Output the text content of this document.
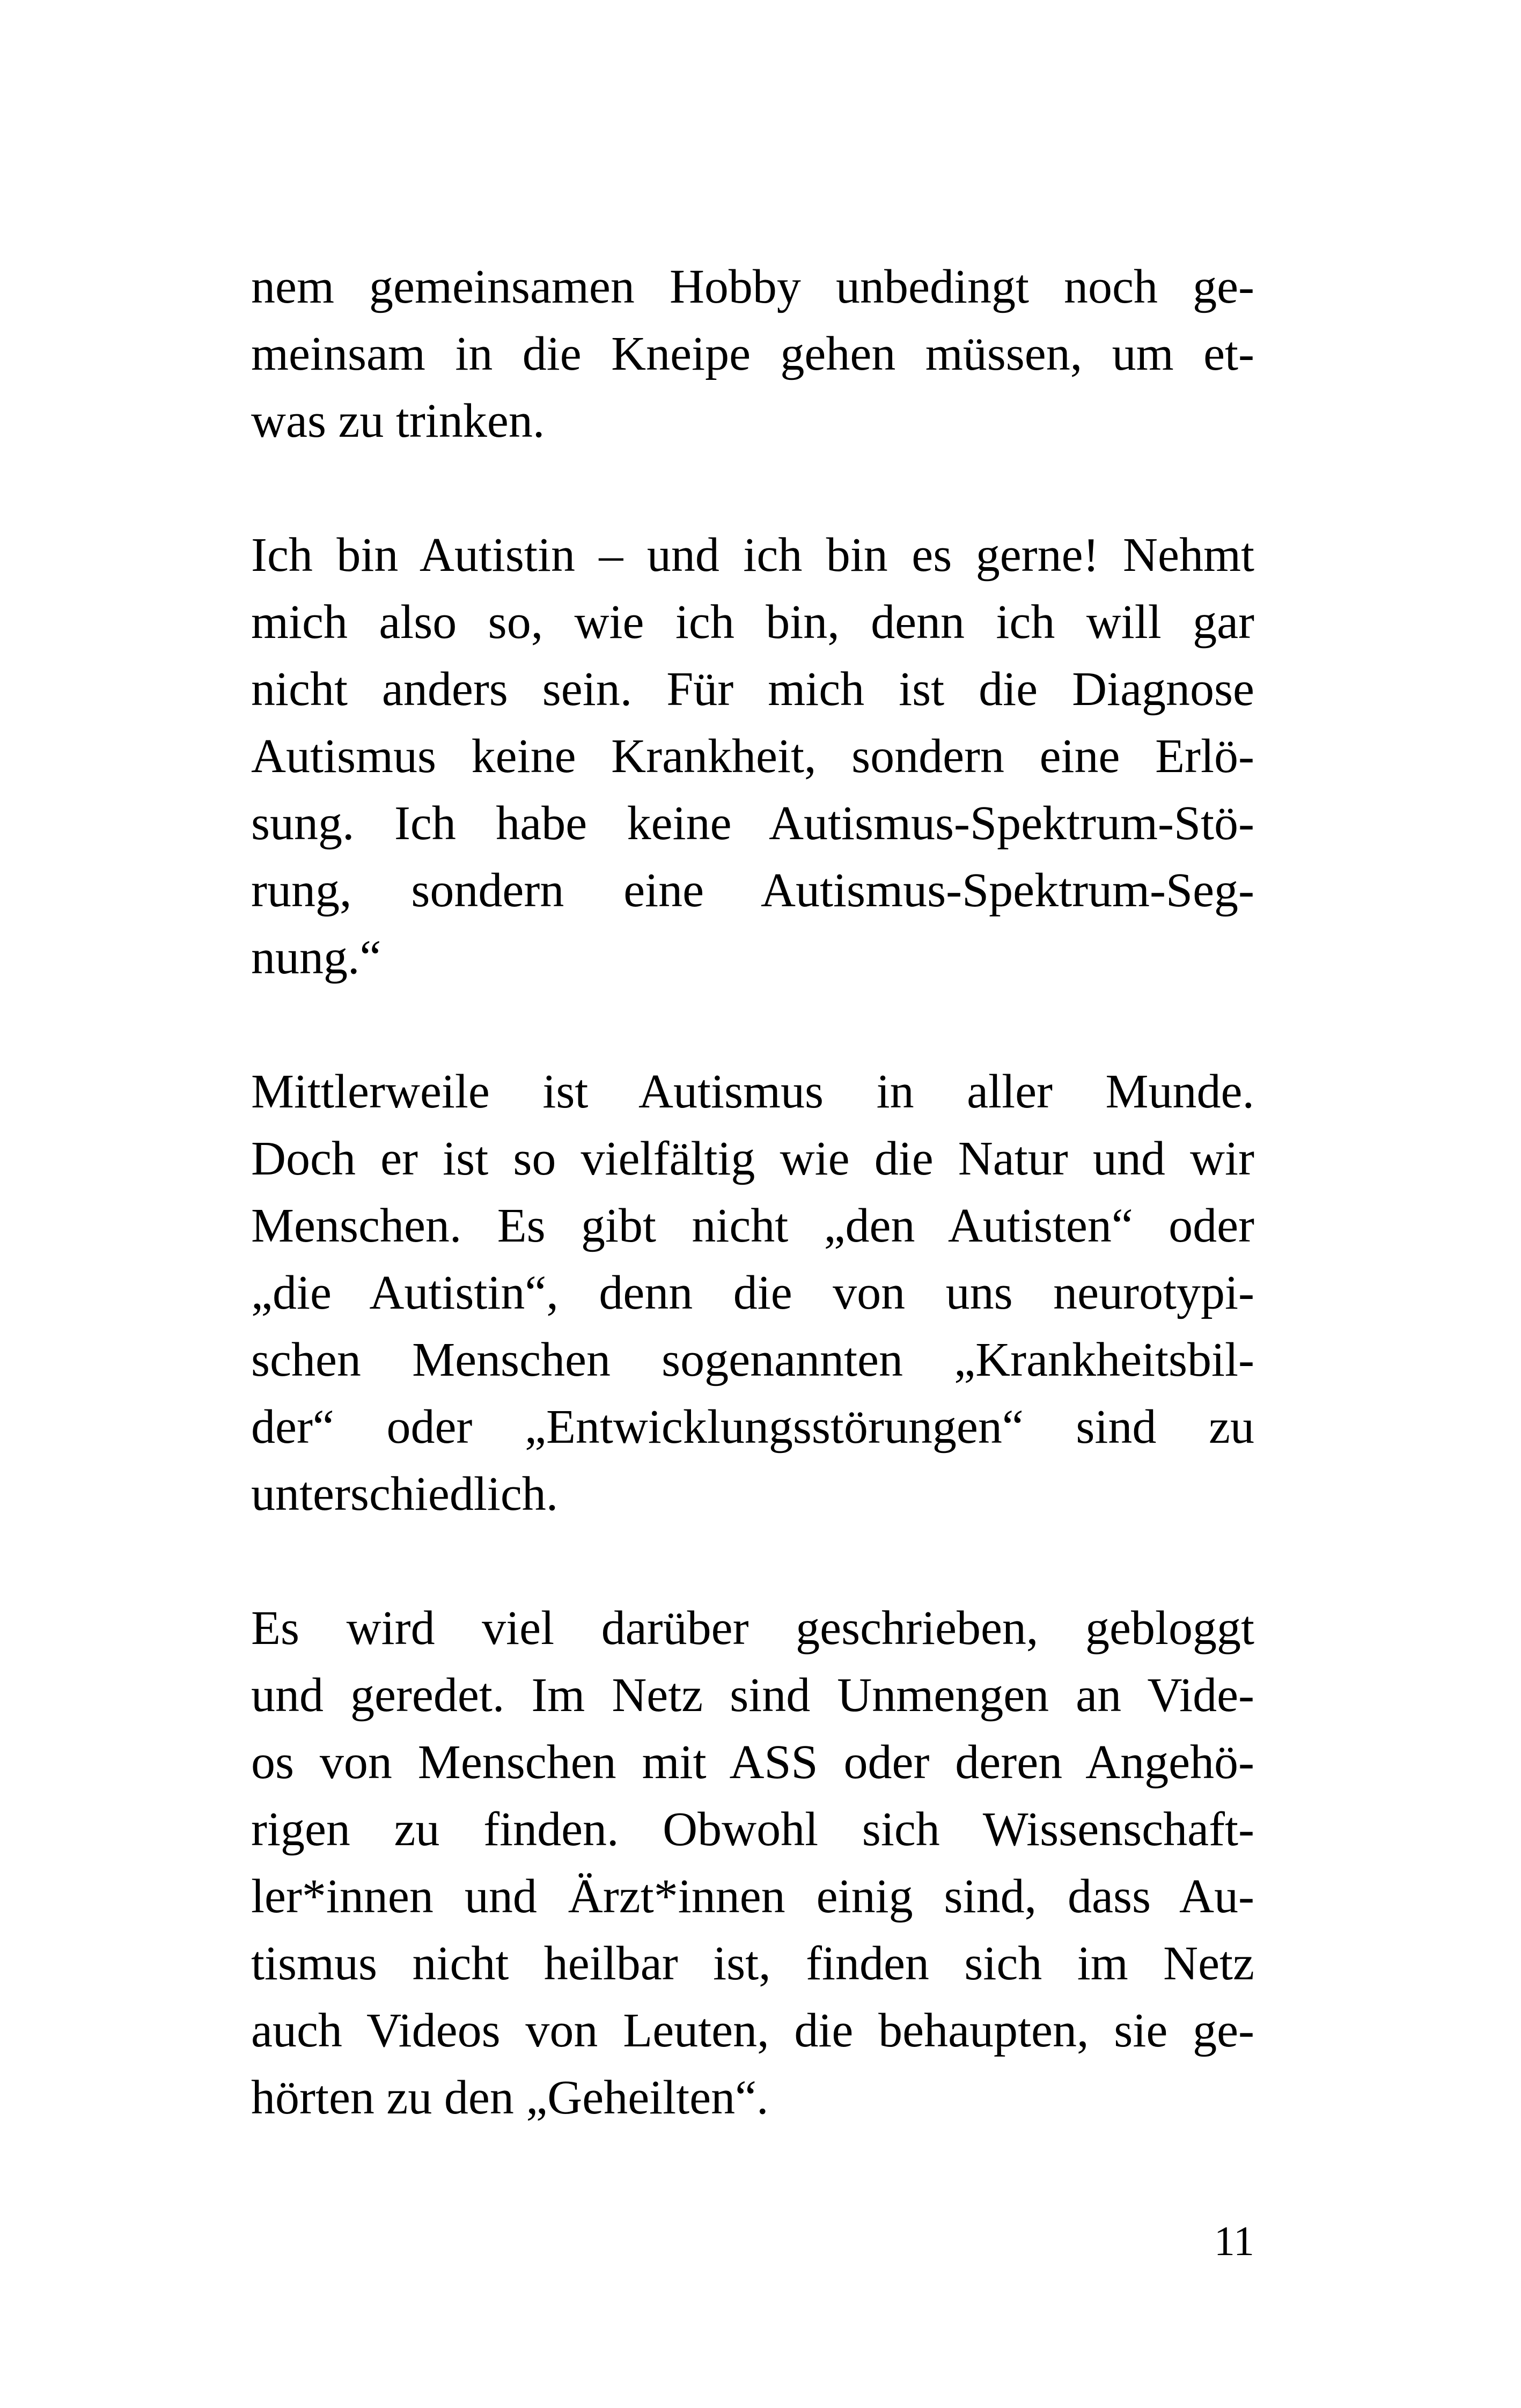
nem gemeinsamen Hobby unbedingt noch ge-
meinsam in die Kneipe gehen müssen, um et-
was zu trinken.
Ich bin Autistin – und ich bin es gerne! Nehmt
mich also so, wie ich bin, denn ich will gar
nicht anders sein. Für mich ist die Diagnose
Autismus keine Krankheit, sondern eine Erlö-
sung. Ich habe keine Autismus-Spektrum-Stö-
rung, sondern eine Autismus-Spektrum-Seg-
nung.“
Mittlerweile ist Autismus in aller Munde.
Doch er ist so vielfältig wie die Natur und wir
Menschen. Es gibt nicht „den Autisten“ oder
„die Autistin“, denn die von uns neurotypi-
schen Menschen sogenannten „Krankheitsbil-
der“ oder „Entwicklungsstörungen“ sind zu
unterschiedlich.
Es wird viel darüber geschrieben, gebloggt
und geredet. Im Netz sind Unmengen an Vide-
os von Menschen mit ASS oder deren Angehö-
rigen zu finden. Obwohl sich Wissenschaft-
ler*innen und Ärzt*innen einig sind, dass Au-
tismus nicht heilbar ist, finden sich im Netz
auch Videos von Leuten, die behaupten, sie ge-
hörten zu den „Geheilten“.
11
